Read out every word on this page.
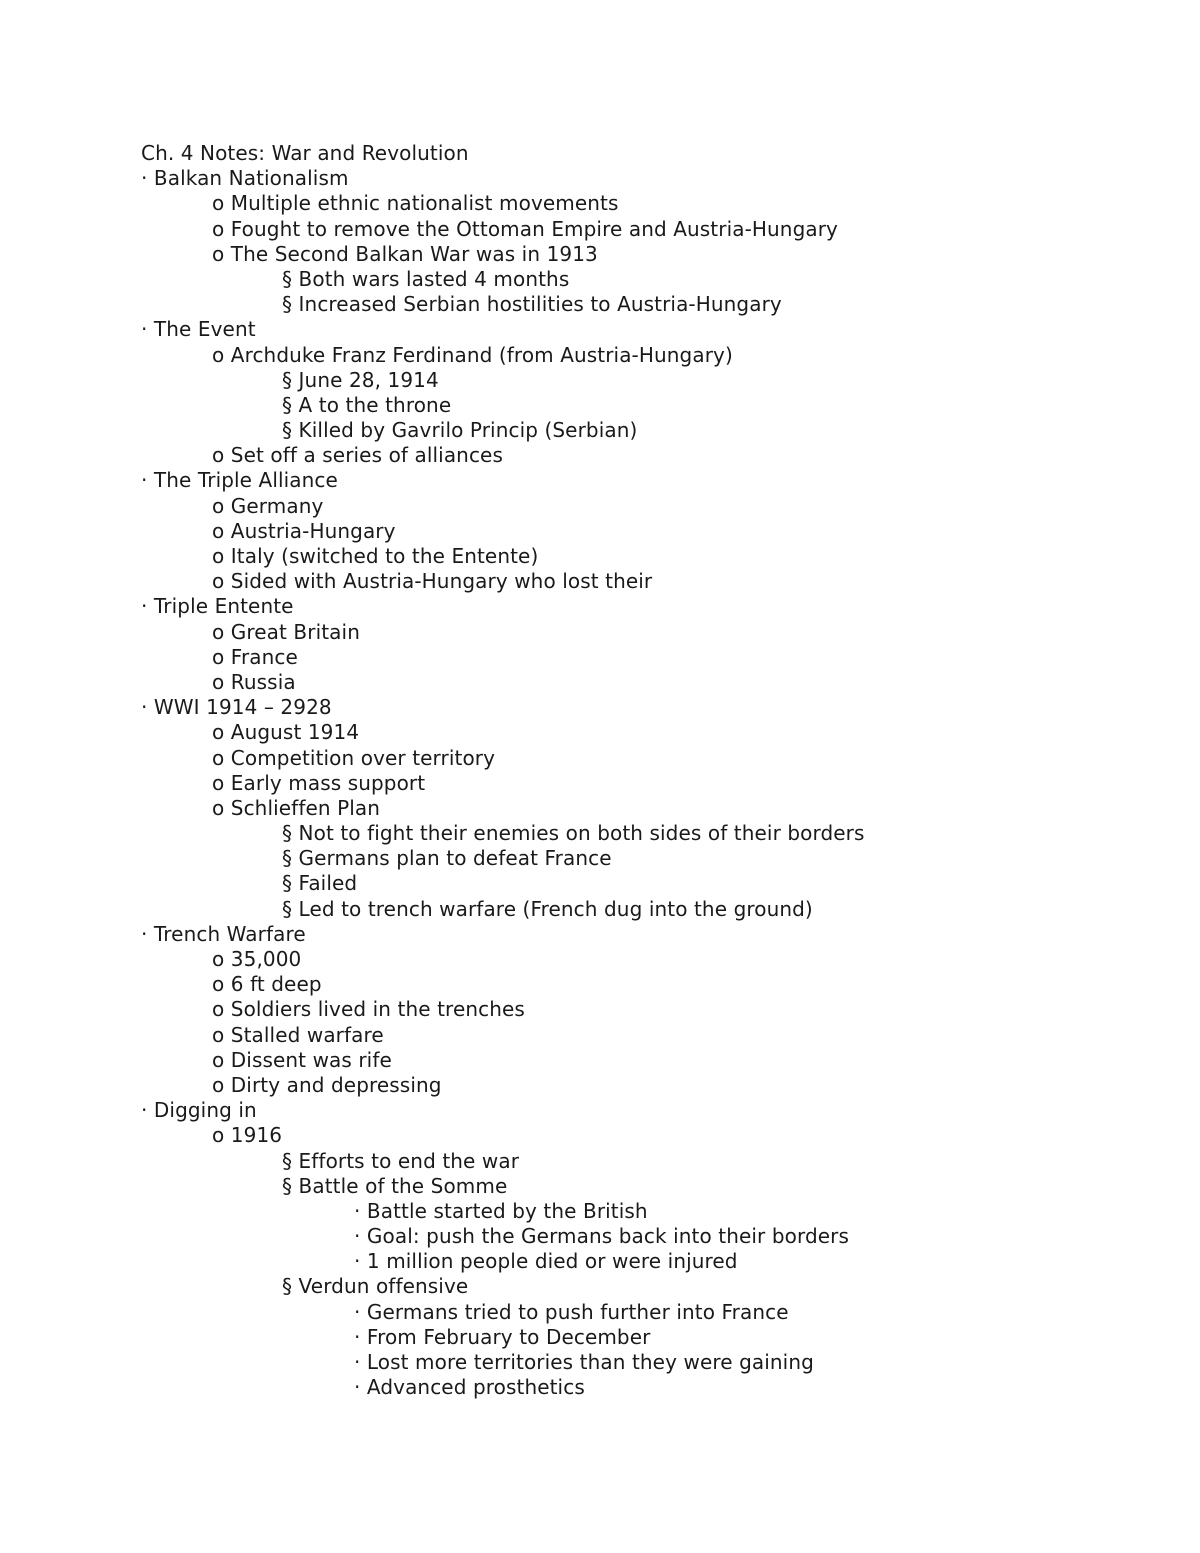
Ch. 4 Notes: War and Revolution
· Balkan Nationalism
o Multiple ethnic nationalist movements
o Fought to remove the Ottoman Empire and Austria-Hungary
o The Second Balkan War was in 1913
§ Both wars lasted 4 months
§ Increased Serbian hostilities to Austria-Hungary
· The Event
o Archduke Franz Ferdinand (from Austria-Hungary)
§ June 28, 1914
§ A to the throne
§ Killed by Gavrilo Princip (Serbian)
o Set off a series of alliances
· The Triple Alliance
o Germany
o Austria-Hungary
o Italy (switched to the Entente)
o Sided with Austria-Hungary who lost their
· Triple Entente
o Great Britain
o France
o Russia
· WWI 1914 – 2928
o August 1914
o Competition over territory
o Early mass support
o Schlieffen Plan
§ Not to fight their enemies on both sides of their borders
§ Germans plan to defeat France
§ Failed
§ Led to trench warfare (French dug into the ground)
· Trench Warfare
o 35,000
o 6 ft deep
o Soldiers lived in the trenches
o Stalled warfare
o Dissent was rife
o Dirty and depressing
· Digging in
o 1916
§ Efforts to end the war
§ Battle of the Somme
· Battle started by the British
· Goal: push the Germans back into their borders
· 1 million people died or were injured
§ Verdun offensive
· Germans tried to push further into France
· From February to December
· Lost more territories than they were gaining
· Advanced prosthetics
